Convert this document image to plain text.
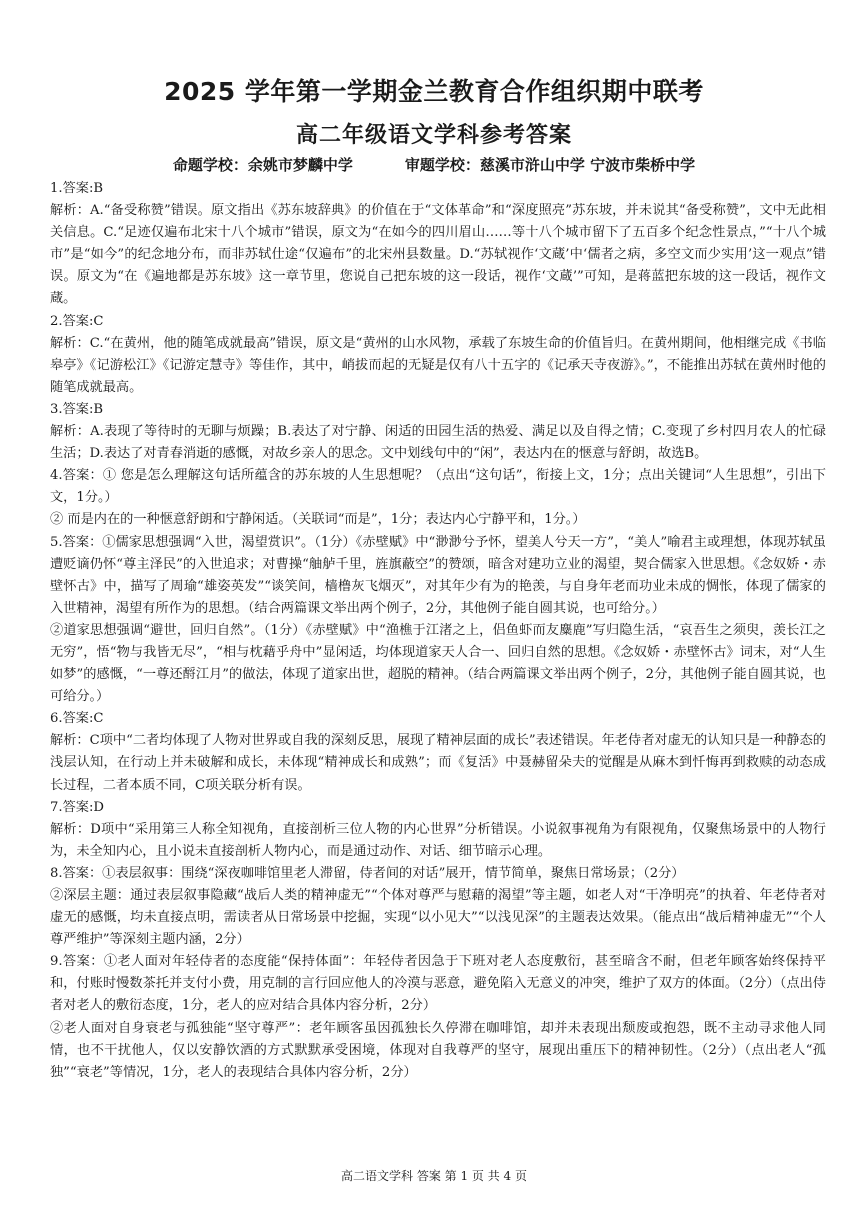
2025 学年第一学期金兰教育合作组织期中联考
高二年级语文学科参考答案
命题学校：余姚市梦麟中学	审题学校：慈溪市浒山中学 宁波市柴桥中学

1.答案:B

解析：A.“备受称赞”错误。原文指出《苏东坡辞典》的价值在于“文体革命”和“深度照亮”苏东坡，并未说其“备受称赞”，文中无此相关信息。C.“足迹仅遍布北宋十八个城市”错误，原文为“在如今的四川眉山……等十八个城市留下了五百多个纪念性景点，”“十八个城市”是“如今”的纪念地分布，而非苏轼仕途“仅遍布”的北宋州县数量。D.“苏轼视作‘文蔵’中‘儒者之病，多空文而少实用’这一观点”错误。原文为“在《遍地都是苏东坡》这一章节里，您说自己把东坡的这一段话，视作‘文蔵’”可知，是蒋蓝把东坡的这一段话，视作文蔵。

2.答案:C

解析：C.“在黄州，他的随笔成就最高”错误，原文是“黄州的山水风物，承载了东坡生命的价值旨归。在黄州期间，他相继完成《书临皋亭》《记游松江》《记游定慧寺》等佳作，其中，峭拔而起的无疑是仅有八十五字的《记承天寺夜游》。”，不能推出苏轼在黄州时他的随笔成就最高。

3.答案:B

解析：A.表现了等待时的无聊与烦躁；B.表达了对宁静、闲适的田园生活的热爱、满足以及自得之情；C.变现了乡村四月农人的忙碌生活；D.表达了对青春消逝的感慨，对故乡亲人的思念。文中划线句中的“闲”，表达内在的惬意与舒朗，故选B。

4.答案：① 您是怎么理解这句话所蕴含的苏东坡的人生思想呢？（点出“这句话”，衔接上文，1分；点出关键词“人生思想”，引出下文，1分。）

② 而是内在的一种惬意舒朗和宁静闲适。（关联词“而是”，1分；表达内心宁静平和，1分。）

5.答案：①儒家思想强调“入世，渴望赏识”。（1分）《赤壁赋》中“渺渺兮予怀，望美人兮天一方”，“美人”喻君主或理想，体现苏轼虽遭贬谪仍怀“尊主泽民”的入世追求；对曹操“舳舻千里，旌旗蔽空”的赞颂，暗含对建功立业的渴望，契合儒家入世思想。《念奴娇・赤壁怀古》中，描写了周瑜“雄姿英发”“谈笑间，樯橹灰飞烟灭”，对其年少有为的艳羡，与自身年老而功业未成的惆怅，体现了儒家的入世精神，渴望有所作为的思想。（结合两篇课文举出两个例子，2分，其他例子能自圆其说，也可给分。）

②道家思想强调“避世，回归自然”。（1分）《赤壁赋》中“渔樵于江渚之上，侣鱼虾而友麋鹿”写归隐生活，“哀吾生之须臾，羡长江之无穷”，悟“物与我皆无尽”，“相与枕藉乎舟中”显闲适，均体现道家天人合一、回归自然的思想。《念奴娇・赤壁怀古》词末，对“人生如梦”的感慨，“一尊还酹江月”的做法，体现了道家出世，超脱的精神。（结合两篇课文举出两个例子，2分，其他例子能自圆其说，也可给分。）

6.答案:C

解析：C项中“二者均体现了人物对世界或自我的深刻反思，展现了精神层面的成长”表述错误。年老侍者对虚无的认知只是一种静态的浅层认知，在行动上并未破解和成长，未体现“精神成长和成熟”；而《复活》中聂赫留朵夫的觉醒是从麻木到忏悔再到救赎的动态成长过程，二者本质不同，C项关联分析有误。

7.答案:D

解析：D项中“采用第三人称全知视角，直接剖析三位人物的内心世界”分析错误。小说叙事视角为有限视角，仅聚焦场景中的人物行为，未全知内心，且小说未直接剖析人物内心，而是通过动作、对话、细节暗示心理。

8.答案：①表层叙事：围绕“深夜咖啡馆里老人滞留，侍者间的对话”展开，情节简单，聚焦日常场景；（2分）

②深层主题：通过表层叙事隐藏“战后人类的精神虚无”“个体对尊严与慰藉的渴望”等主题，如老人对“干净明亮”的执着、年老侍者对虚无的感慨，均未直接点明，需读者从日常场景中挖掘，实现“以小见大”“以浅见深”的主题表达效果。（能点出“战后精神虚无”“个人尊严维护”等深刻主题内涵，2分）

9.答案：①老人面对年轻侍者的态度能“保持体面”：年轻侍者因急于下班对老人态度敷衍，甚至暗含不耐，但老年顾客始终保持平和，付账时慢数茶托并支付小费，用克制的言行回应他人的冷漠与恶意，避免陷入无意义的冲突，维护了双方的体面。（2分）（点出侍者对老人的敷衍态度，1分，老人的应对结合具体内容分析，2分）

②老人面对自身衰老与孤独能“坚守尊严”：老年顾客虽因孤独长久停滞在咖啡馆，却并未表现出颓废或抱怨，既不主动寻求他人同情，也不干扰他人，仅以安静饮酒的方式默默承受困境，体现对自我尊严的坚守，展现出重压下的精神韧性。（2分）（点出老人“孤独”“衰老”等情况，1分，老人的表现结合具体内容分析，2分）

高二语文学科 答案 第 1 页 共 4 页
